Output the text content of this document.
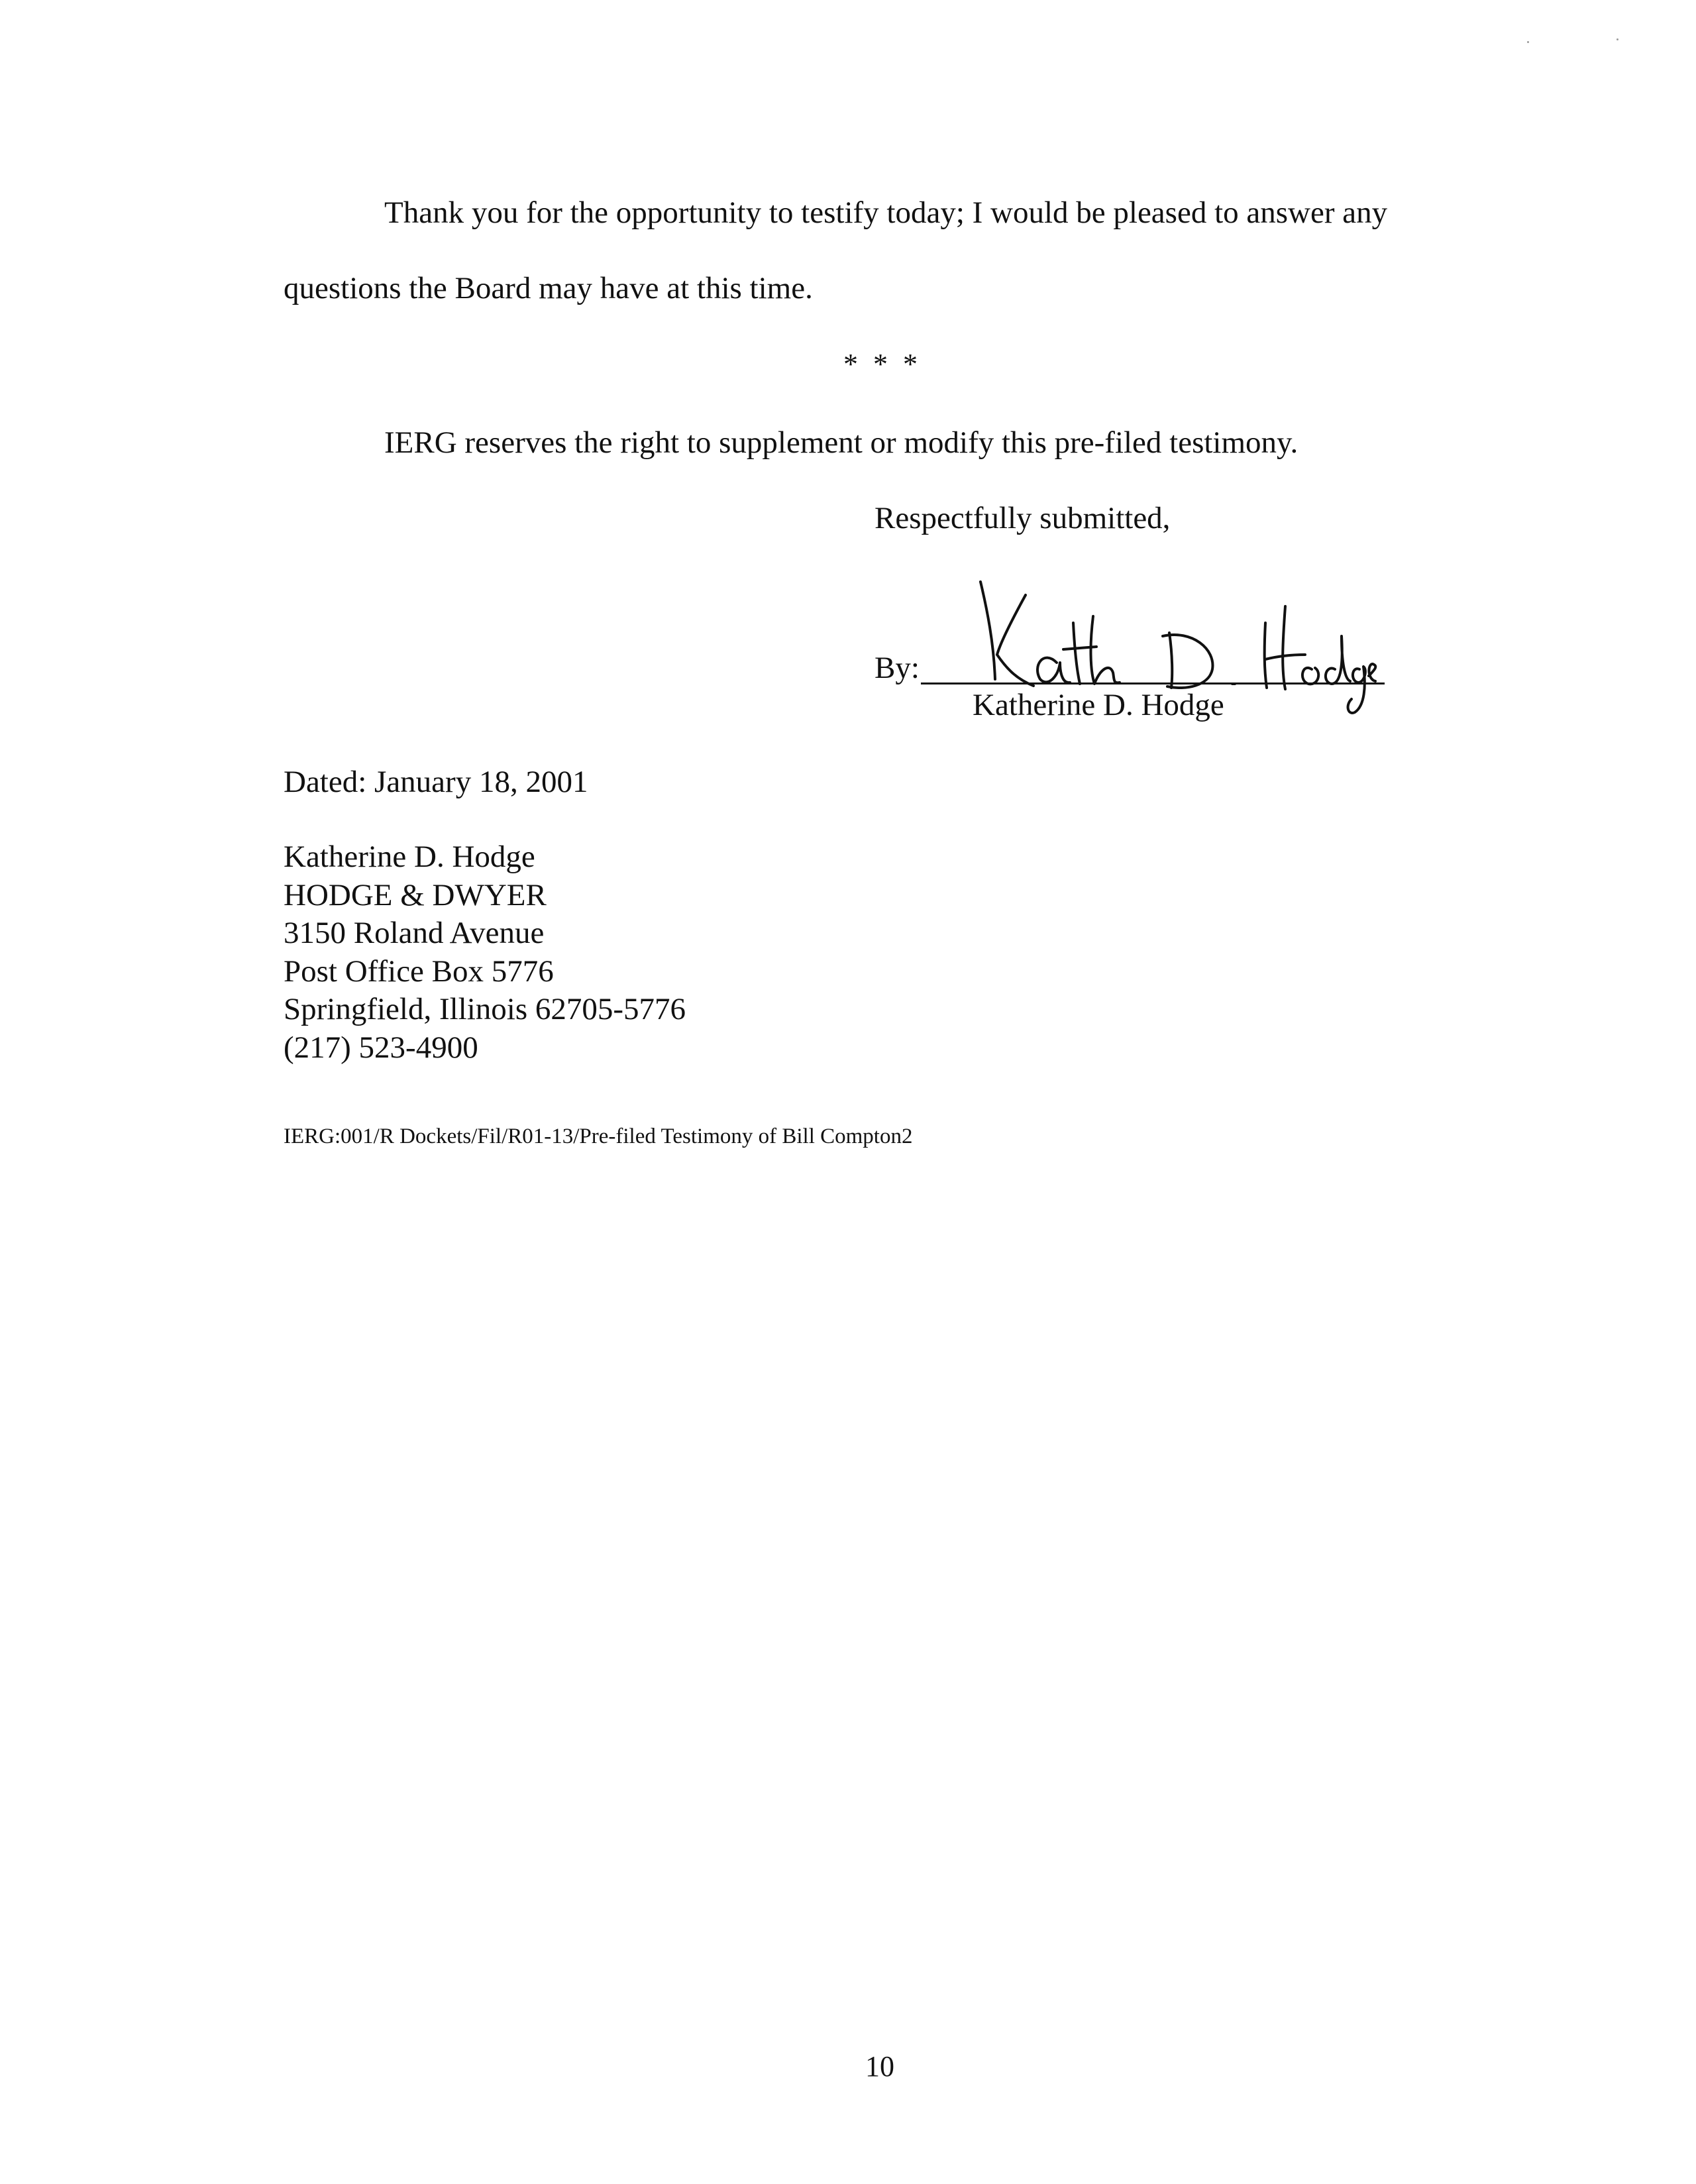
Thank you for the opportunity to testify today; I would be pleased to answer any
questions the Board may have at this time.
* * *
IERG reserves the right to supplement or modify this pre-filed testimony.
Respectfully submitted,
By:
Katherine D. Hodge
Dated: January 18, 2001
Katherine D. Hodge
HODGE & DWYER
3150 Roland Avenue
Post Office Box 5776
Springfield, Illinois 62705-5776
(217) 523-4900
IERG:001/R Dockets/Fil/R01-13/Pre-filed Testimony of Bill Compton2
10
